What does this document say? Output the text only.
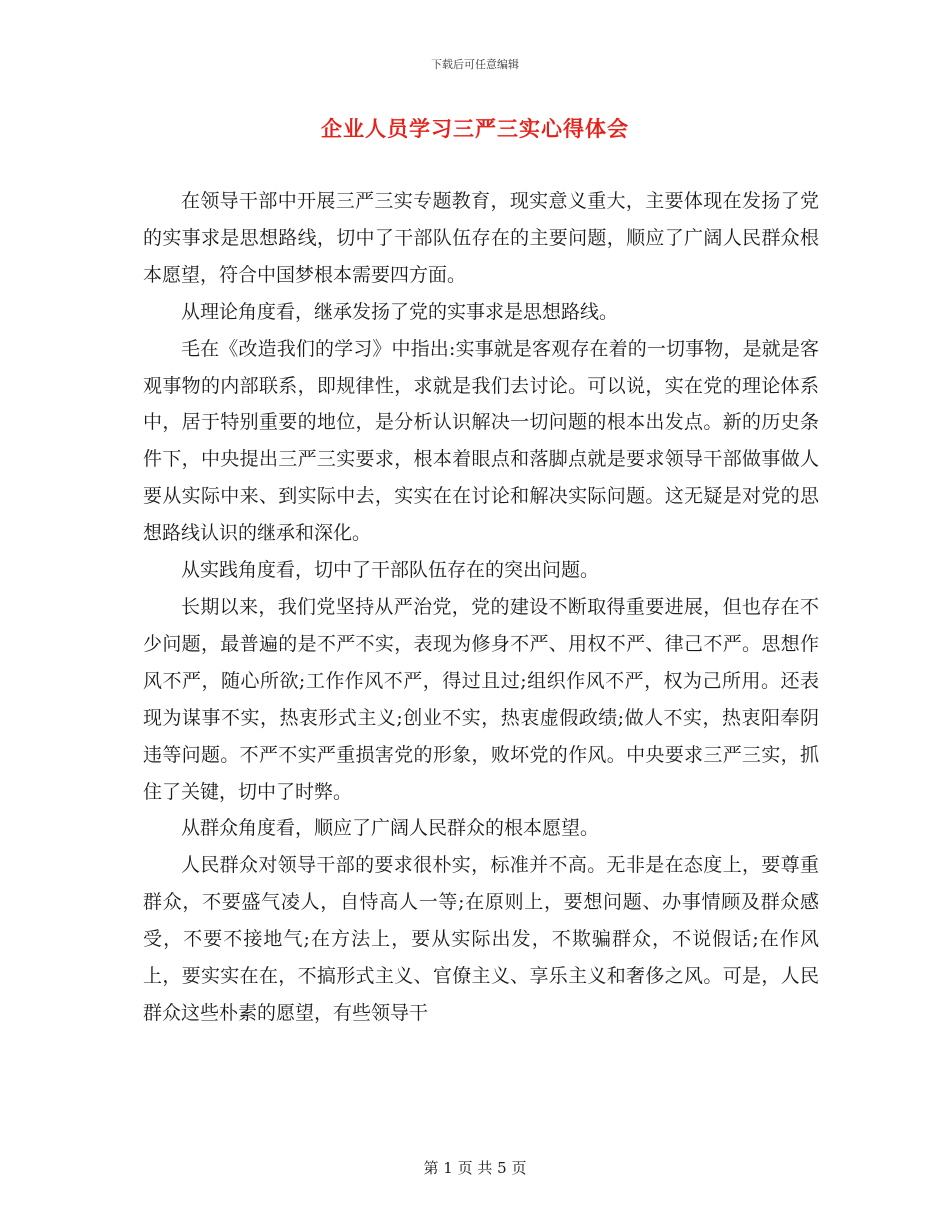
下载后可任意编辑
企业人员学习三严三实心得体会

在领导干部中开展三严三实专题教育，现实意义重大，主要体现在发扬了党的实事求是思想路线，切中了干部队伍存在的主要问题，顺应了广阔人民群众根本愿望，符合中国梦根本需要四方面。

从理论角度看，继承发扬了党的实事求是思想路线。

毛在《改造我们的学习》中指出:实事就是客观存在着的一切事物，是就是客观事物的内部联系，即规律性，求就是我们去讨论。可以说，实在党的理论体系中，居于特别重要的地位，是分析认识解决一切问题的根本出发点。新的历史条件下，中央提出三严三实要求，根本着眼点和落脚点就是要求领导干部做事做人要从实际中来、到实际中去，实实在在讨论和解决实际问题。这无疑是对党的思想路线认识的继承和深化。

从实践角度看，切中了干部队伍存在的突出问题。

长期以来，我们党坚持从严治党，党的建设不断取得重要进展，但也存在不少问题，最普遍的是不严不实，表现为修身不严、用权不严、律己不严。思想作风不严，随心所欲;工作作风不严，得过且过;组织作风不严，权为己所用。还表现为谋事不实，热衷形式主义;创业不实，热衷虚假政绩;做人不实，热衷阳奉阴违等问题。不严不实严重损害党的形象，败坏党的作风。中央要求三严三实，抓住了关键，切中了时弊。

从群众角度看，顺应了广阔人民群众的根本愿望。

人民群众对领导干部的要求很朴实，标准并不高。无非是在态度上，要尊重群众，不要盛气凌人，自恃高人一等;在原则上，要想问题、办事情顾及群众感受，不要不接地气;在方法上，要从实际出发，不欺骗群众，不说假话;在作风上，要实实在在，不搞形式主义、官僚主义、享乐主义和奢侈之风。可是，人民群众这些朴素的愿望，有些领导干

第 1 页 共 5 页
